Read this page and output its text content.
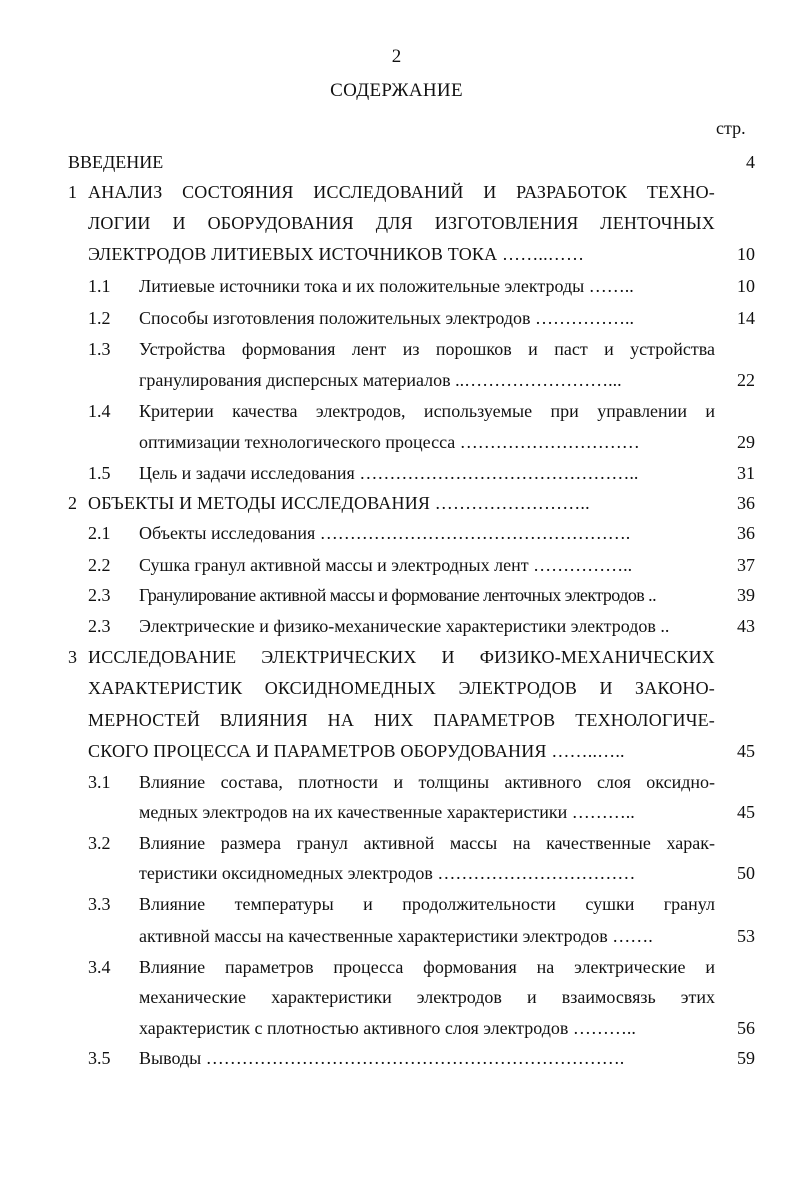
2
СОДЕРЖАНИЕ
стр.
ВВЕДЕНИЕ	4
1 АНАЛИЗ СОСТОЯНИЯ ИССЛЕДОВАНИЙ И РАЗРАБОТОК ТЕХНО-
ЛОГИИ И ОБОРУДОВАНИЯ ДЛЯ ИЗГОТОВЛЕНИЯ ЛЕНТОЧНЫХ
ЭЛЕКТРОДОВ ЛИТИЕВЫХ ИСТОЧНИКОВ ТОКА ……..……	10
1.1	Литиевые источники тока и их положительные электроды ……..	10
1.2	Способы изготовления положительных электродов ……………..	14
1.3	Устройства формования лент из порошков и паст и устройства
гранулирования дисперсных материалов ..……………………...	22
1.4	Критерии качества электродов, используемые при управлении и
оптимизации технологического процесса …………………………	29
1.5	Цель и задачи исследования ………………………………………..	31
2 ОБЪЕКТЫ И МЕТОДЫ ИССЛЕДОВАНИЯ ……………………..	36
2.1	Объекты исследования …………………………………………….	36
2.2	Сушка гранул активной массы и электродных лент ……………..	37
2.3	Гранулирование активной массы и формование ленточных электродов ..	39
2.3	Электрические и физико-механические характеристики электродов ..	43
3 ИССЛЕДОВАНИЕ ЭЛЕКТРИЧЕСКИХ И ФИЗИКО-МЕХАНИЧЕСКИХ
ХАРАКТЕРИСТИК ОКСИДНОМЕДНЫХ ЭЛЕКТРОДОВ И ЗАКОНО-
МЕРНОСТЕЙ ВЛИЯНИЯ НА НИХ ПАРАМЕТРОВ ТЕХНОЛОГИЧЕ-
СКОГО ПРОЦЕССА И ПАРАМЕТРОВ ОБОРУДОВАНИЯ ……..…..	45
3.1	Влияние состава, плотности и толщины активного слоя оксидно-
медных электродов на их качественные характеристики ………..	45
3.2	Влияние размера гранул активной массы на качественные харак-
теристики оксидномедных электродов ……………………………	50
3.3	Влияние температуры и продолжительности сушки гранул
активной массы на качественные характеристики электродов …….	53
3.4	Влияние параметров процесса формования на электрические и
механические характеристики электродов и взаимосвязь этих
характеристик с плотностью активного слоя электродов ………..	56
3.5	Выводы …………………………………………………………….	59
